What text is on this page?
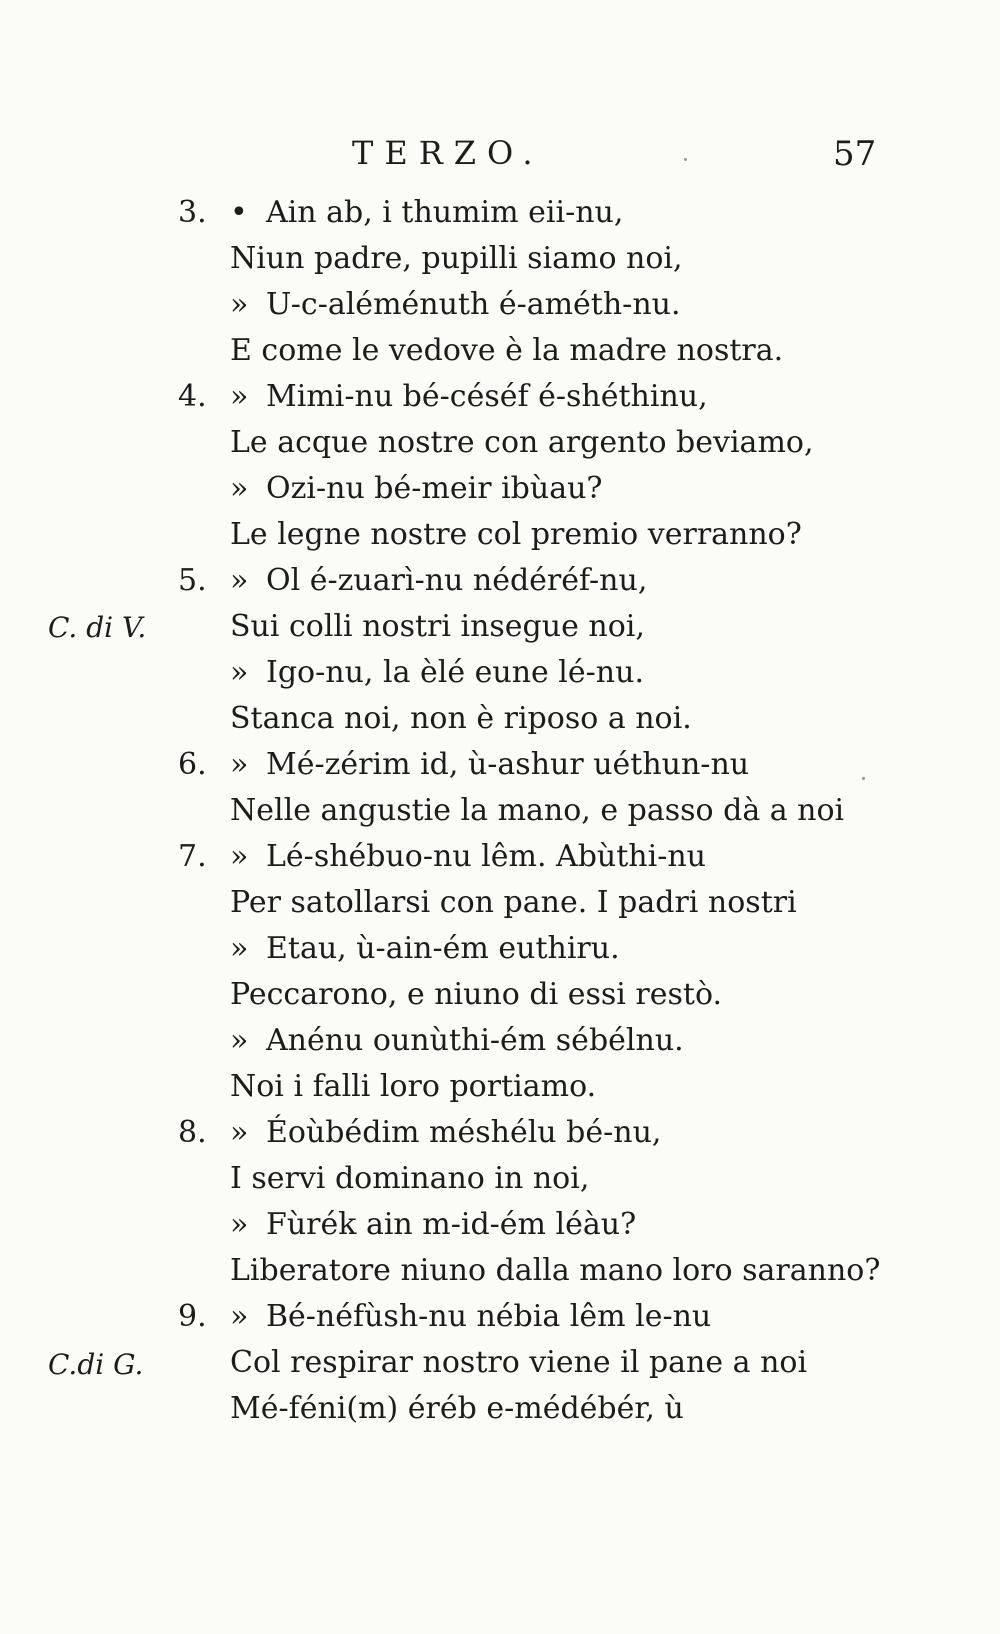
TERZO.	57
3.
4.
5.
6.
7.
8.
9.
C. di V.
C.di G.
• Ain ab, i thumim eii-nu,
Niun padre, pupilli siamo noi,
» U-c-aléménuth é-améth-nu.
E come le vedove è la madre nostra.
» Mimi-nu bé-céséf é-shéthinu,
Le acque nostre con argento beviamo,
» Ozi-nu bé-meir ibùau?
Le legne nostre col premio verranno?
» Ol é-zuarì-nu nédéréf-nu,
Sui colli nostri insegue noi,
» Igo-nu, la èlé eune lé-nu.
Stanca noi, non è riposo a noi.
» Mé-zérim id, ù-ashur uéthun-nu
Nelle angustie la mano, e passo dà a noi
» Lé-shébuo-nu lêm. Abùthi-nu
Per satollarsi con pane. I padri nostri
» Etau, ù-ain-ém euthiru.
Peccarono, e niuno di essi restò.
» Anénu ounùthi-ém sébélnu.
Noi i falli loro portiamo.
» Éoùbédim méshélu bé-nu,
I servi dominano in noi,
» Fùrék ain m-id-ém léàu?
Liberatore niuno dalla mano loro saranno?
» Bé-néfùsh-nu nébia lêm le-nu
Col respirar nostro viene il pane a noi
Mé-féni(m) éréb e-médébér, ù
